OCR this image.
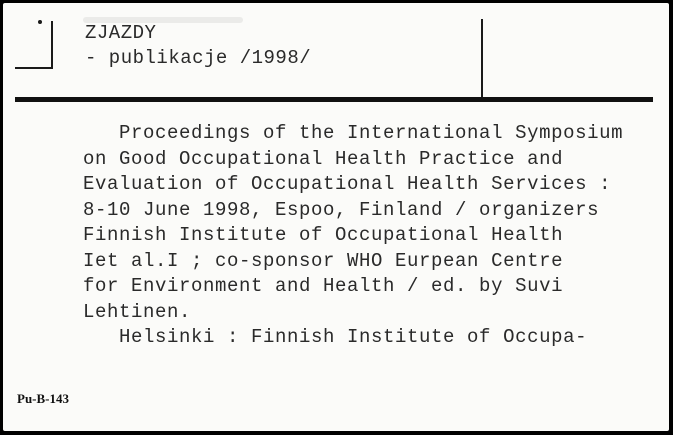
ZJAZDY
- publikacje /1998/
Proceedings of the International Symposium
on Good Occupational Health Practice and
Evaluation of Occupational Health Services :
8-10 June 1998, Espoo, Finland / organizers
Finnish Institute of Occupational Health
Iet al.I ; co-sponsor WHO Eurpean Centre
for Environment and Health / ed. by Suvi
Lehtinen.
Helsinki : Finnish Institute of Occupa-
Pu-B-143
